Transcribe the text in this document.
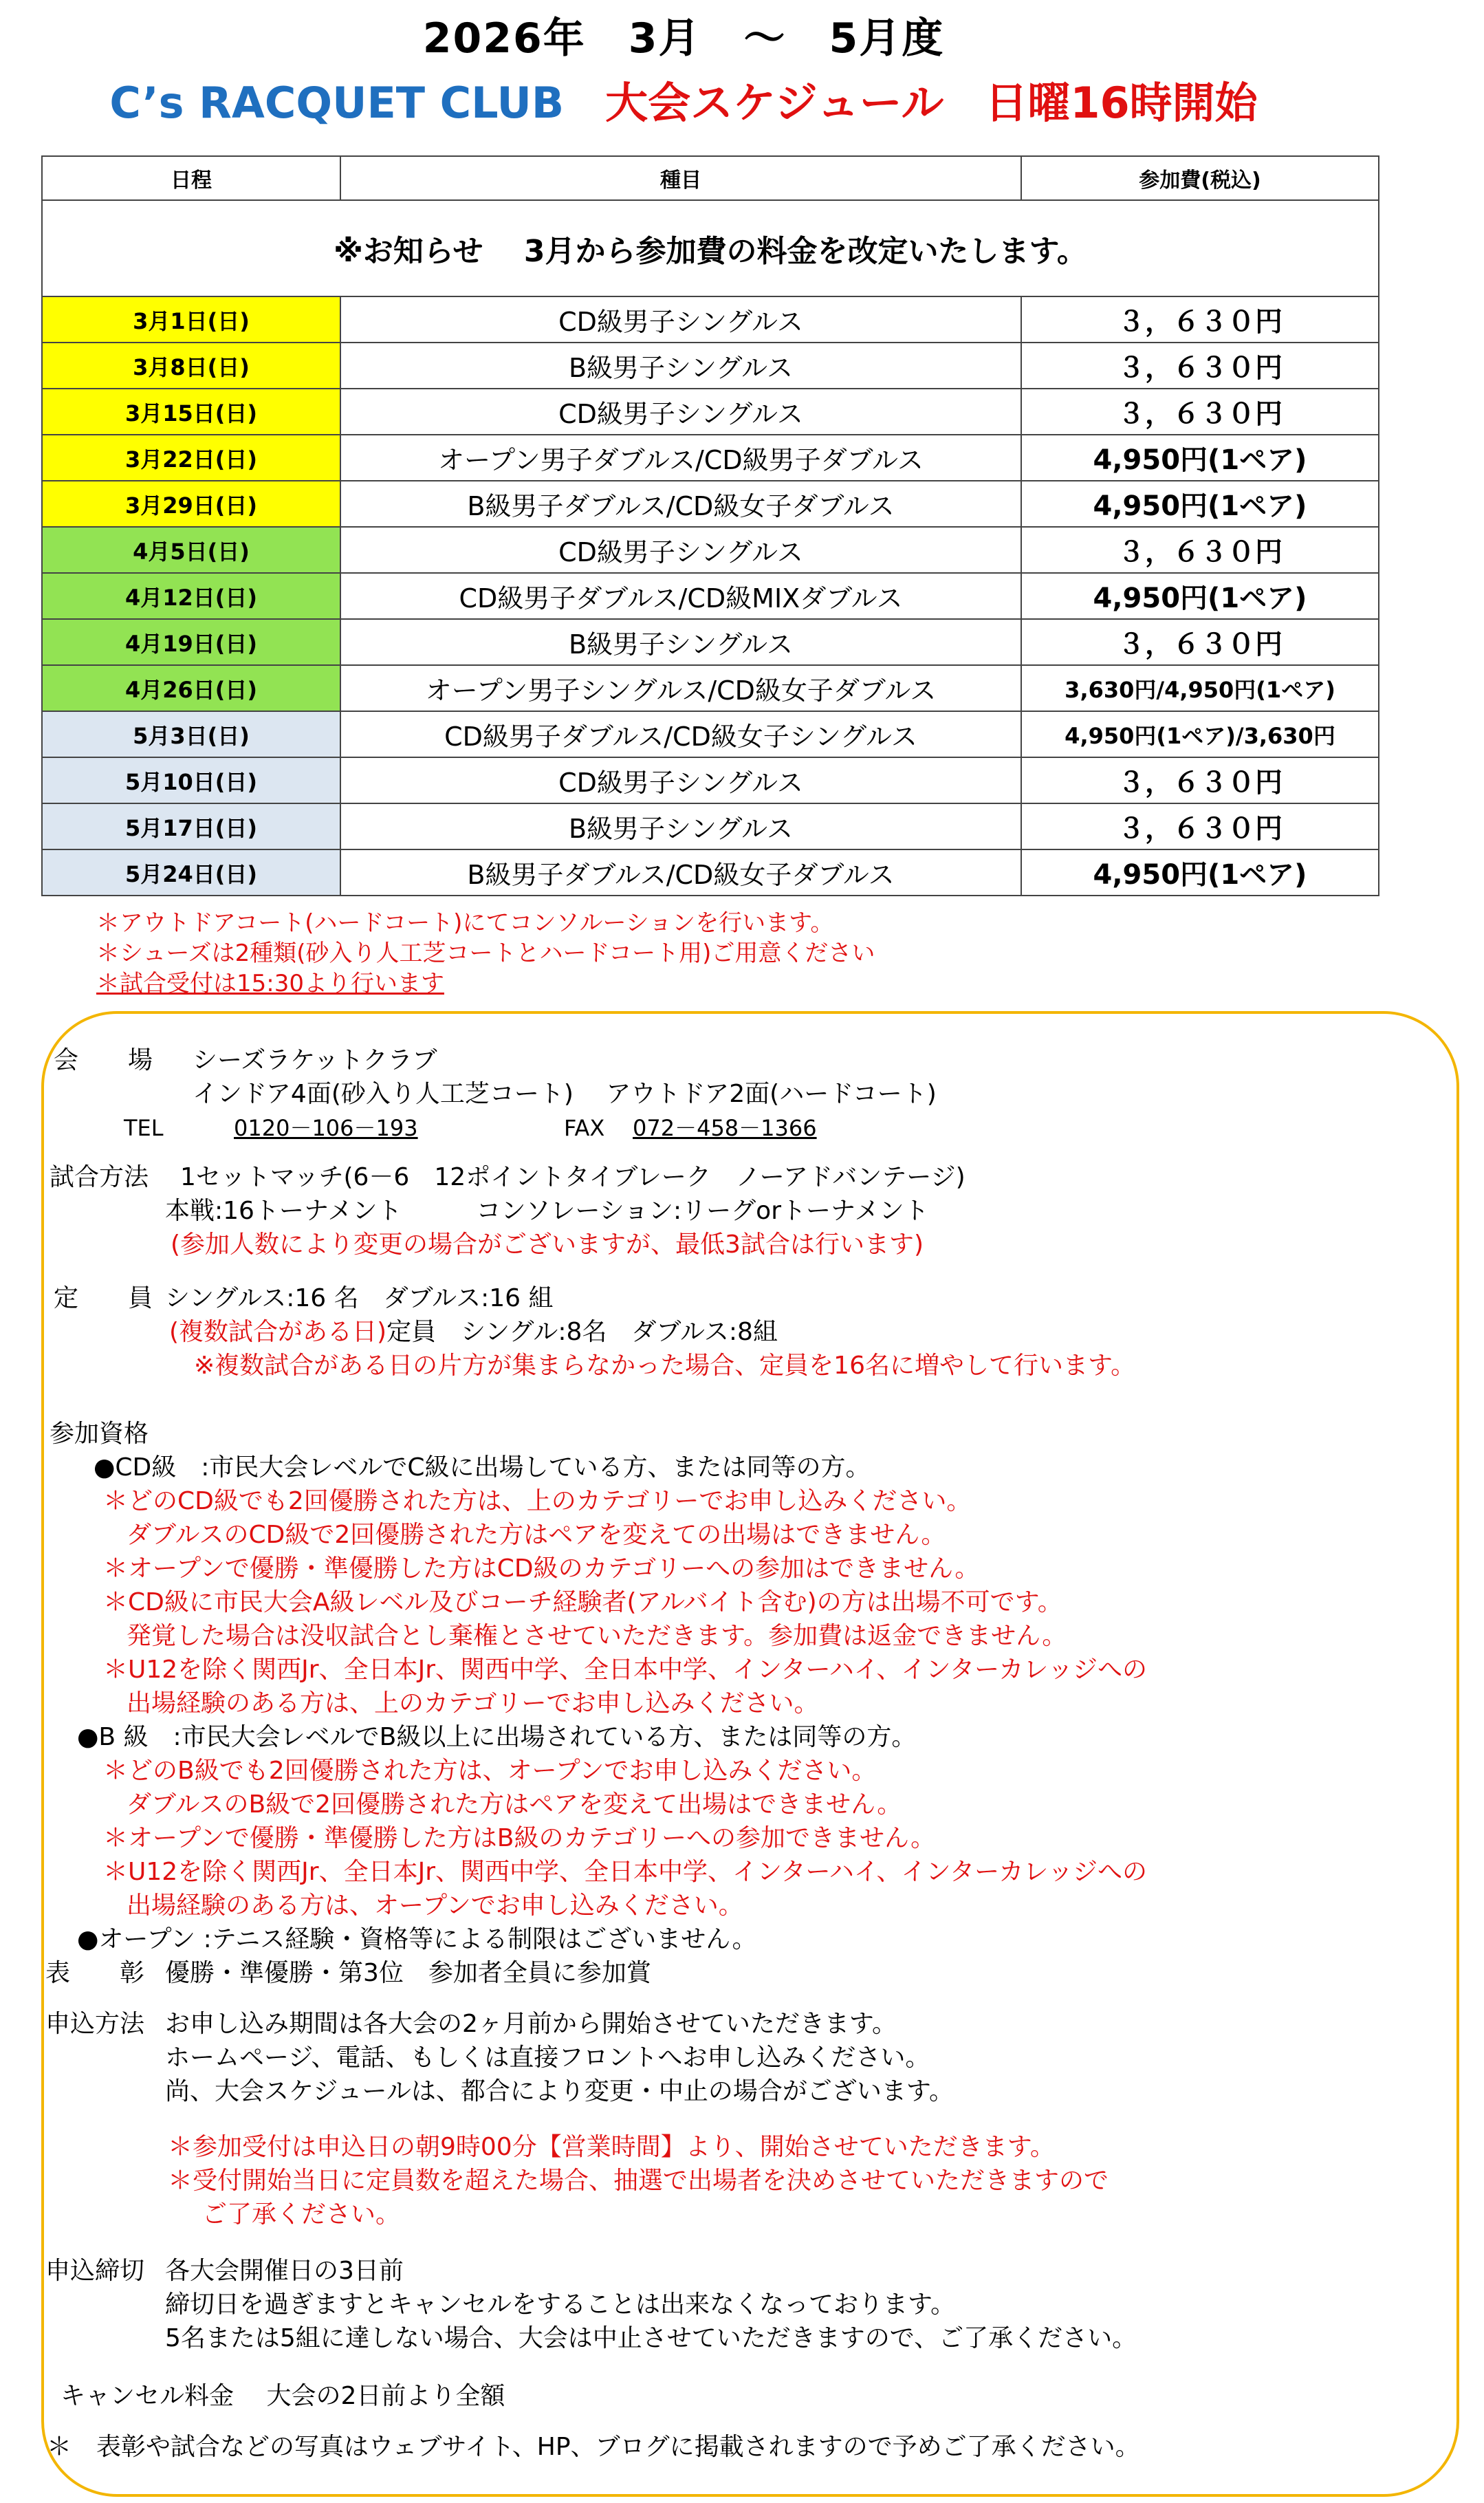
2026年　3月　～　5月度
C’s RACQUET CLUB 大会スケジュール 日曜16時開始
日程	種目	参加費(税込)
※お知らせ　 3月から参加費の料金を改定いたします。		
3月1日(日)	CD級男子シングルス	３，６３０円
3月8日(日)	B級男子シングルス	３，６３０円
3月15日(日)	CD級男子シングルス	３，６３０円
3月22日(日)	オープン男子ダブルス/CD級男子ダブルス	4,950円(1ペア)
3月29日(日)	B級男子ダブルス/CD級女子ダブルス	4,950円(1ペア)
4月5日(日)	CD級男子シングルス	３，６３０円
4月12日(日)	CD級男子ダブルス/CD級MIXダブルス	4,950円(1ペア)
4月19日(日)	B級男子シングルス	３，６３０円
4月26日(日)	オープン男子シングルス/CD級女子ダブルス	3,630円/4,950円(1ペア)
5月3日(日)	CD級男子ダブルス/CD級女子シングルス	4,950円(1ペア)/3,630円
5月10日(日)	CD級男子シングルス	３，６３０円
5月17日(日)	B級男子シングルス	３，６３０円
5月24日(日)	B級男子ダブルス/CD級女子ダブルス	4,950円(1ペア)
＊アウトドアコート(ハードコート)にてコンソルーションを行います。
＊シューズは2種類(砂入り人工芝コートとハードコート用)ご用意ください
＊試合受付は15:30より行います
会　　場 シーズラケットクラブ
インドア4面(砂入り人工芝コート)　 アウトドア2面(ハードコート)
TEL	0120－106－193	FAX 072－458－1366
試合方法 1セットマッチ(6－6　12ポイントタイブレーク　ノーアドバンテージ)
本戦:16トーナメント　　　コンソレーション:リーグorトーナメント
(参加人数により変更の場合がございますが、最低3試合は行います)
定　　員 シングルス:16 名　ダブルス:16 組
(複数試合がある日)定員　シングル:8名　ダブルス:8組
※複数試合がある日の片方が集まらなかった場合、定員を16名に増やして行います。
参加資格
●CD級　:市民大会レベルでC級に出場している方、または同等の方。
＊どのCD級でも2回優勝された方は、上のカテゴリーでお申し込みください。
ダブルスのCD級で2回優勝された方はペアを変えての出場はできません。
＊オープンで優勝・準優勝した方はCD級のカテゴリーへの参加はできません。
＊CD級に市民大会A級レベル及びコーチ経験者(アルバイト含む)の方は出場不可です。
発覚した場合は没収試合とし棄権とさせていただきます。参加費は返金できません。
＊U12を除く関西Jr、全日本Jr、関西中学、全日本中学、インターハイ、インターカレッジへの
出場経験のある方は、上のカテゴリーでお申し込みください。
●B 級　:市民大会レベルでB級以上に出場されている方、または同等の方。
＊どのB級でも2回優勝された方は、オープンでお申し込みください。
ダブルスのB級で2回優勝された方はペアを変えて出場はできません。
＊オープンで優勝・準優勝した方はB級のカテゴリーへの参加できません。
＊U12を除く関西Jr、全日本Jr、関西中学、全日本中学、インターハイ、インターカレッジへの
出場経験のある方は、オープンでお申し込みください。
●オープン :テニス経験・資格等による制限はございません。
表　　彰 優勝・準優勝・第3位　参加者全員に参加賞
申込方法 お申し込み期間は各大会の2ヶ月前から開始させていただきます。
ホームページ、電話、もしくは直接フロントへお申し込みください。
尚、大会スケジュールは、都合により変更・中止の場合がございます。
＊参加受付は申込日の朝9時00分【営業時間】より、開始させていただきます。
＊受付開始当日に定員数を超えた場合、抽選で出場者を決めさせていただきますので
ご了承ください。
申込締切 各大会開催日の3日前
締切日を過ぎますとキャンセルをすることは出来なくなっております。
5名または5組に達しない場合、大会は中止させていただきますので、ご了承ください。
キャンセル料金　 大会の2日前より全額
＊　表彰や試合などの写真はウェブサイト、HP、ブログに掲載されますので予めご了承ください。
